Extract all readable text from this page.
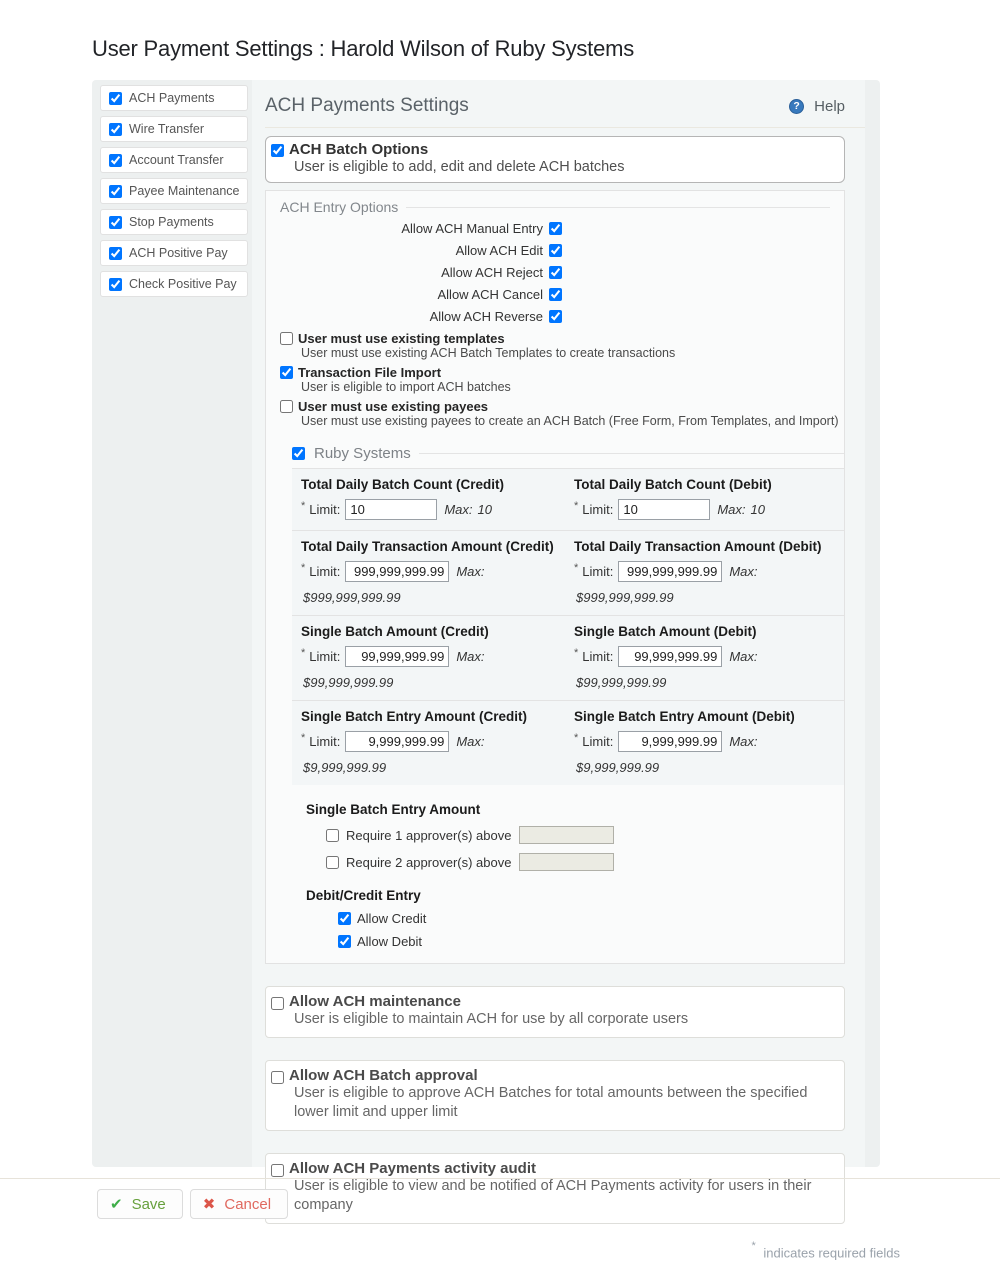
User Payment Settings : Harold Wilson of Ruby Systems
ACH Payments
Wire Transfer
Account Transfer
Payee Maintenance
Stop Payments
ACH Positive Pay
Check Positive Pay
ACH Payments Settings	? Help
ACH Batch Options
User is eligible to add, edit and delete ACH batches
ACH Entry Options
Allow ACH Manual Entry
Allow ACH Edit
Allow ACH Reject
Allow ACH Cancel
Allow ACH Reverse
User must use existing templates
User must use existing ACH Batch Templates to create transactions
Transaction File Import
User is eligible to import ACH batches
User must use existing payees
User must use existing payees to create an ACH Batch (Free Form, From Templates, and Import)
Ruby Systems
Total Daily Batch Count (Credit)
* Limit:
10	Max: 10
Total Daily Batch Count (Debit)
* Limit:
10	Max: 10
Total Daily Transaction Amount (Credit)
* Limit:
999,999,999.99	Max:
$999,999,999.99
Total Daily Transaction Amount (Debit)
* Limit:
999,999,999.99	Max:
$999,999,999.99
Single Batch Amount (Credit)
* Limit:
99,999,999.99	Max:
$99,999,999.99
Single Batch Amount (Debit)
* Limit:
99,999,999.99	Max:
$99,999,999.99
Single Batch Entry Amount (Credit)
* Limit:
9,999,999.99	Max:
$9,999,999.99
Single Batch Entry Amount (Debit)
* Limit:
9,999,999.99	Max:
$9,999,999.99
Single Batch Entry Amount
Require 1 approver(s) above
Require 2 approver(s) above
Debit/Credit Entry
Allow Credit
Allow Debit
Allow ACH maintenance
User is eligible to maintain ACH for use by all corporate users
Allow ACH Batch approval
User is eligible to approve ACH Batches for total amounts between the specified lower limit and upper limit
Allow ACH Payments activity audit
User is eligible to view and be notified of ACH Payments activity for users in their company
✔ Save ✖ Cancel
* indicates required fields
